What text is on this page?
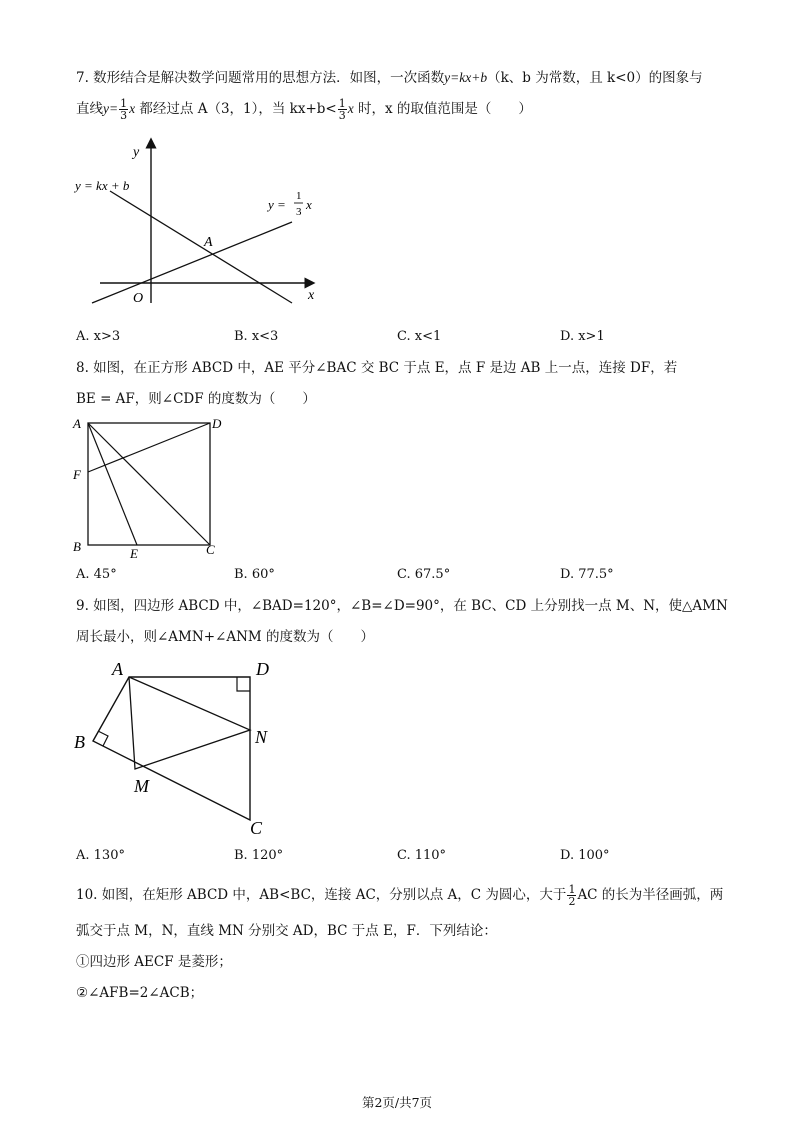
7. 数形结合是解决数学问题常用的思想方法．如图，一次函数y=kx+b（k、b 为常数，且 k<0）的图象与
直线$y= \frac{1}{3}$ x 都经过点 A（3，1），当 $kx+b< \frac{1}{3}$ x 时，x 的取值范围是（　　）
y
x
O
A
y = kx + b
y =
1
3 x
A. x>3	B. x<3	C. x<1	D. x>1
8. 如图，在正方形 ABCD 中，AE 平分∠BAC 交 BC 于点 E，点 F 是边 AB 上一点，连接 DF，若
BE = AF，则∠CDF 的度数为（　　）
A	D
F
B	E	C
A. 45°	B. 60°	C. 67.5°	D. 77.5°
9. 如图，四边形 ABCD 中，∠BAD=120°，∠B=∠D=90°，在 BC、CD 上分别找一点 M、N，使△AMN
周长最小，则∠AMN+∠ANM 的度数为（　　）
A	D
N
B
M
C
A. 130°	B. 120°	C. 110°	D. 100°
10. 如图，在矩形 ABCD 中，AB<BC，连接 AC，分别以点 A，C 为圆心，大于 $\frac{1}{2}$ AC 的长为半径画弧，两
弧交于点 M，N，直线 MN 分别交 AD，BC 于点 E，F．下列结论：
①四边形 AECF 是菱形；
②∠AFB=2∠ACB；
第2页/共7页
